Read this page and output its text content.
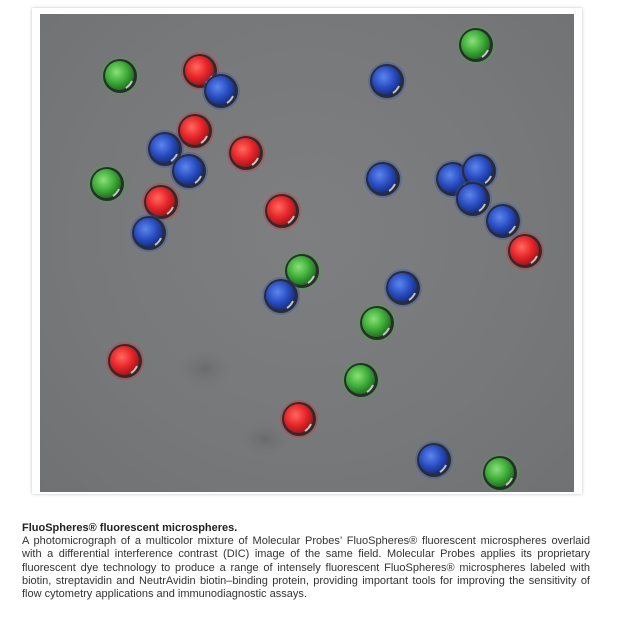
FluoSpheres® fluorescent microspheres.
A photomicrograph of a multicolor mixture of Molecular Probes’ FluoSpheres® fluorescent microspheres overlaid with a differential interference contrast (DIC) image of the same field. Molecular Probes applies its proprietary fluorescent dye technology to produce a range of intensely fluorescent FluoSpheres® microspheres labeled with biotin, streptavidin and NeutrAvidin biotin–binding protein, providing important tools for improving the sensitivity of flow cytometry applications and immunodiagnostic assays.
